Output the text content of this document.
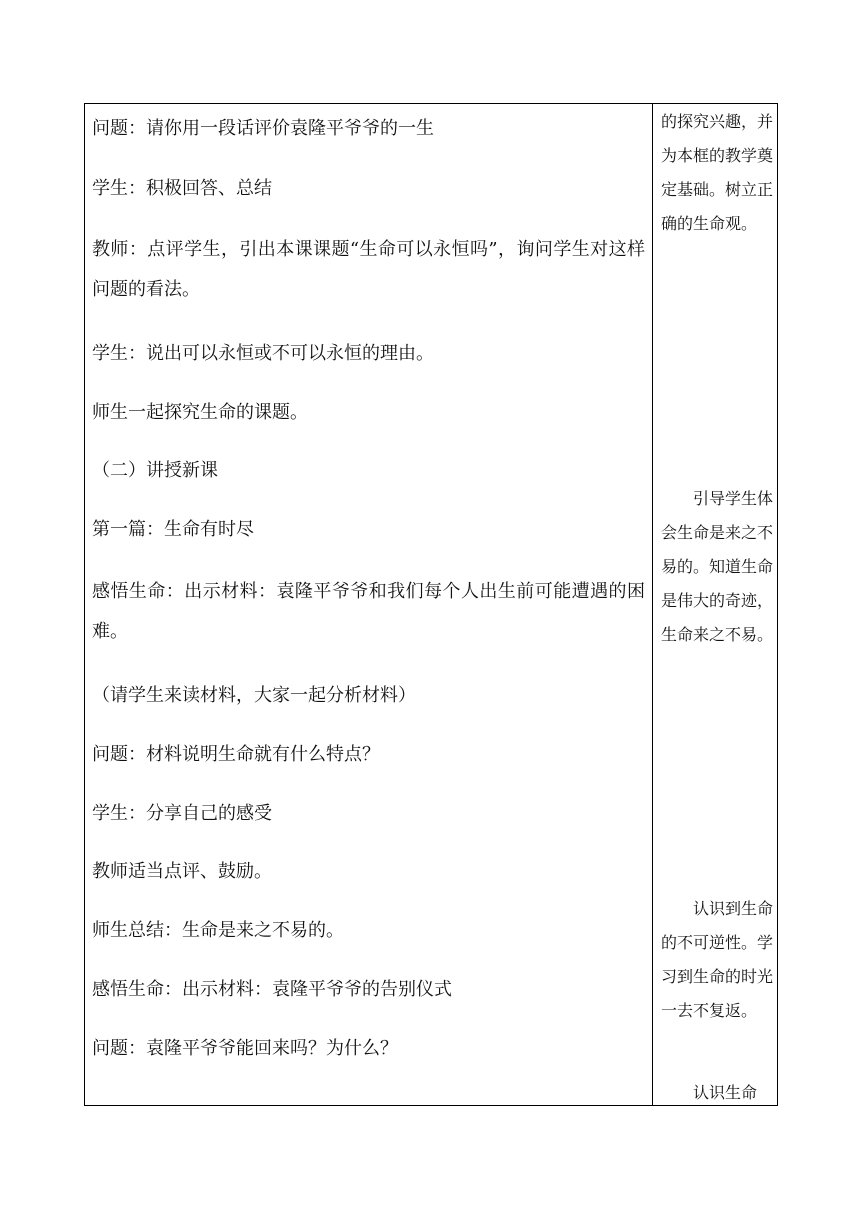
问题：请你用一段话评价袁隆平爷爷的一生
学生：积极回答、总结
教师：点评学生，引出本课课题“生命可以永恒吗”，询问学生对这样问题的看法。
学生：说出可以永恒或不可以永恒的理由。
师生一起探究生命的课题。
（二）讲授新课
第一篇：生命有时尽
感悟生命：出示材料：袁隆平爷爷和我们每个人出生前可能遭遇的困难。
（请学生来读材料，大家一起分析材料）
问题：材料说明生命就有什么特点？
学生：分享自己的感受
教师适当点评、鼓励。
师生总结：生命是来之不易的。
感悟生命：出示材料：袁隆平爷爷的告别仪式
问题：袁隆平爷爷能回来吗？为什么？
的探究兴趣，并为本框的教学奠定基础。树立正确的生命观。
　　引导学生体会生命是来之不易的。知道生命是伟大的奇迹，生命来之不易。
　　认识到生命的不可逆性。学习到生命的时光一去不复返。
　　认识生命
